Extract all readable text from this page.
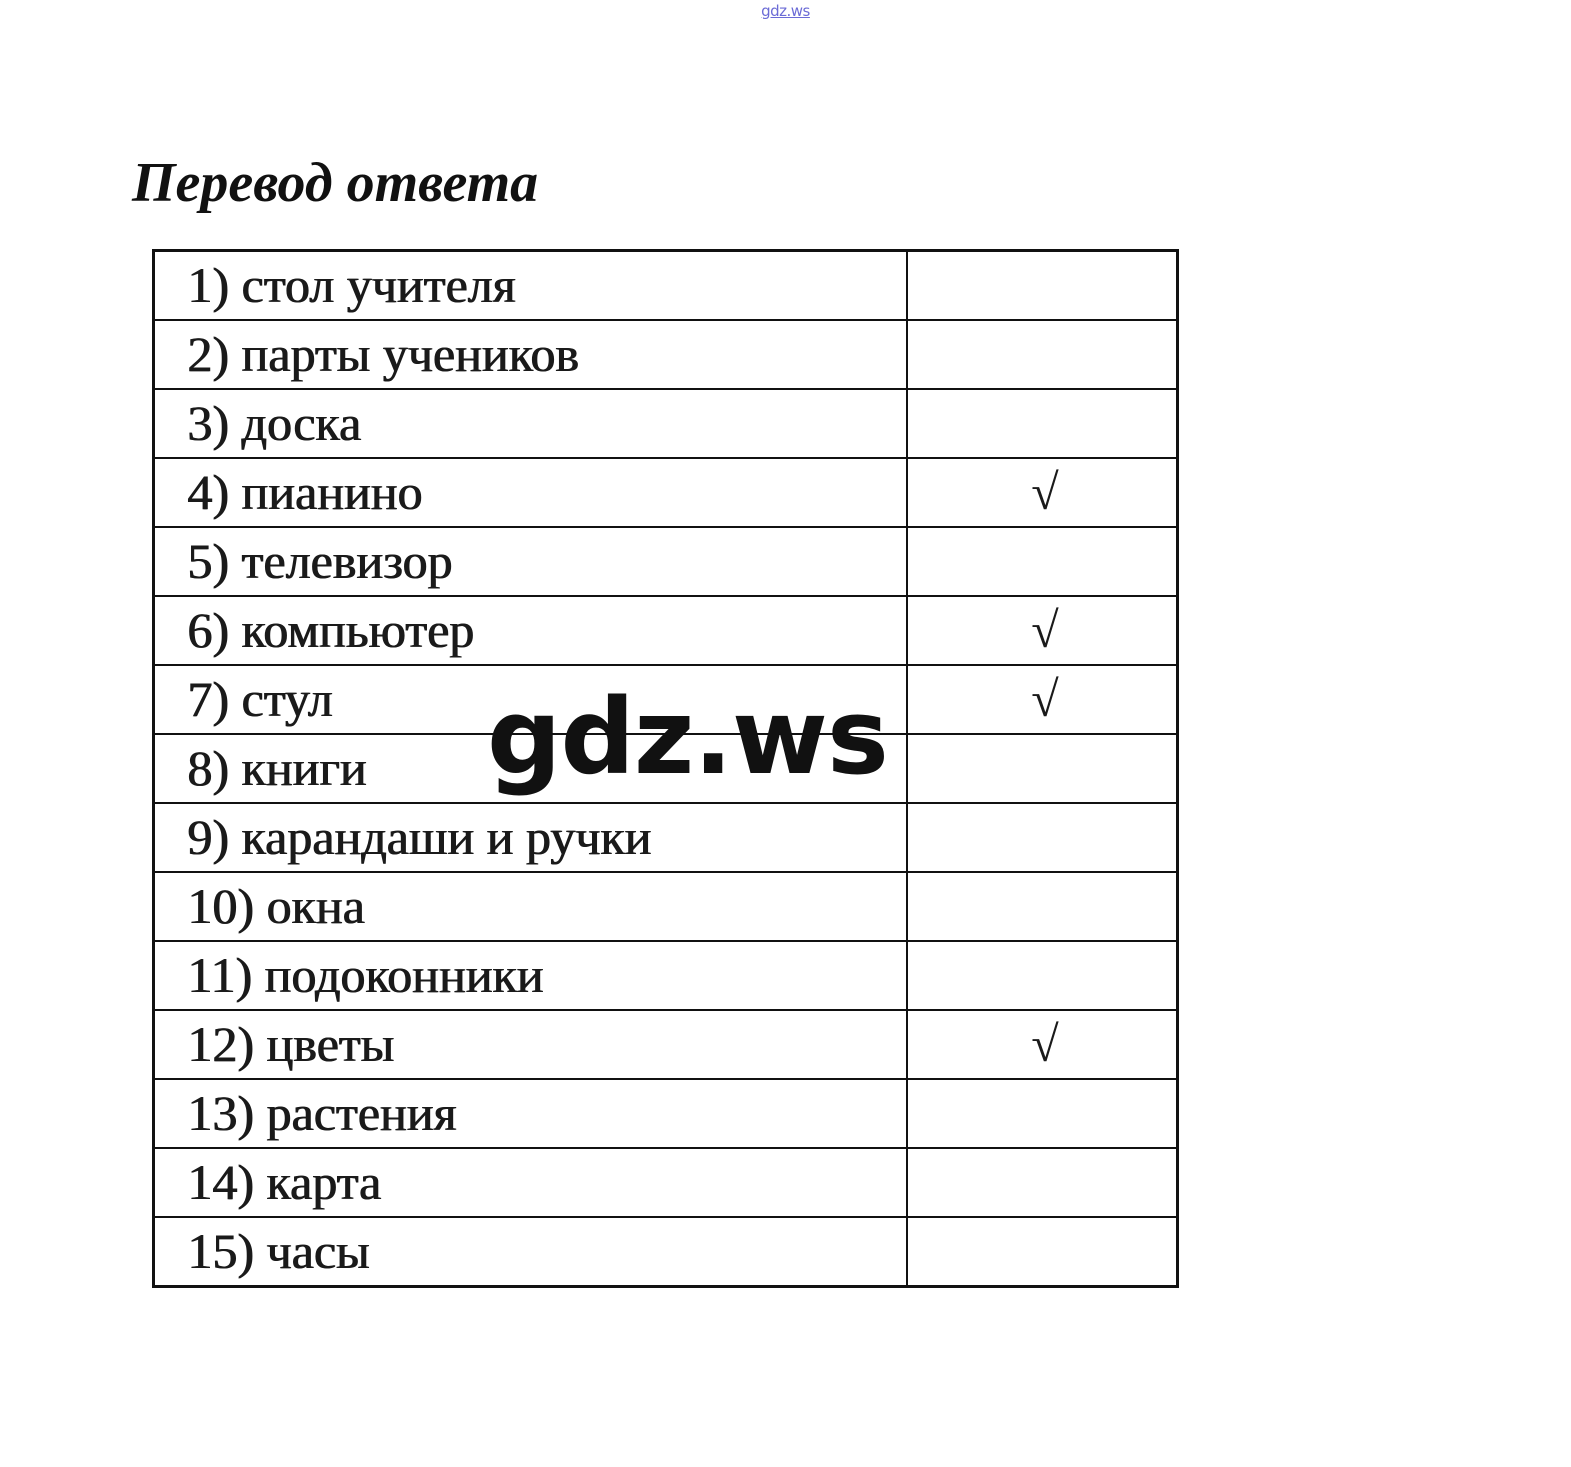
gdz.ws
Перевод ответа
1) стол учителя	
2) парты учеников	
3) доска	
4) пианино	√
5) телевизор	
6) компьютер	√
7) стул	√
8) книги	
9) карандаши и ручки	
10) окна	
11) подоконники	
12) цветы	√
13) растения	
14) карта	
15) часы	
gdz.ws
